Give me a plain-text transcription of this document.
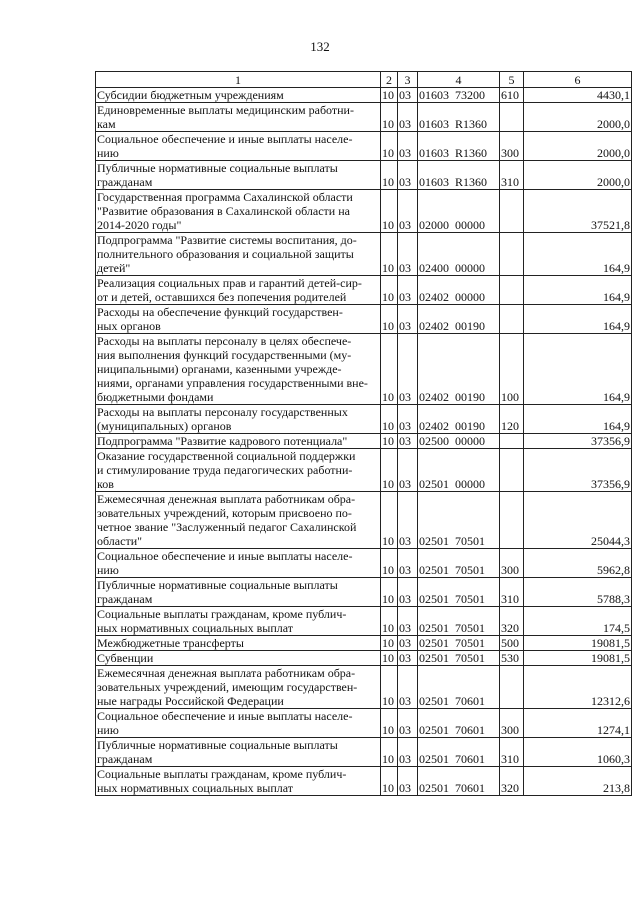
132
1	2	3	4	5	6
Субсидии бюджетным учреждениям	10	03	01603  73200	610	4430,1
Единовременные выплаты медицинским работни-
кам	10	03	01603  R1360		2000,0
Социальное обеспечение и иные выплаты населе-
нию	10	03	01603  R1360	300	2000,0
Публичные нормативные социальные выплаты
гражданам	10	03	01603  R1360	310	2000,0
Государственная программа Сахалинской области
"Развитие образования в Сахалинской области на
2014-2020 годы"	10	03	02000  00000		37521,8
Подпрограмма "Развитие системы воспитания, до-
полнительного образования и социальной защиты
детей"	10	03	02400  00000		164,9
Реализация социальных прав и гарантий детей-сир-
от и детей, оставшихся без попечения родителей	10	03	02402  00000		164,9
Расходы на обеспечение функций государствен-
ных органов	10	03	02402  00190		164,9
Расходы на выплаты персоналу в целях обеспече-
ния выполнения функций государственными (му-
ниципальными) органами, казенными учрежде-
ниями, органами управления государственными вне-
бюджетными фондами	10	03	02402  00190	100	164,9
Расходы на выплаты персоналу государственных
(муниципальных) органов	10	03	02402  00190	120	164,9
Подпрограмма "Развитие кадрового потенциала"	10	03	02500  00000		37356,9
Оказание государственной социальной поддержки
и стимулирование труда педагогических работни-
ков	10	03	02501  00000		37356,9
Ежемесячная денежная выплата работникам обра-
зовательных учреждений, которым присвоено по-
четное звание "Заслуженный педагог Сахалинской
области"	10	03	02501  70501		25044,3
Социальное обеспечение и иные выплаты населе-
нию	10	03	02501  70501	300	5962,8
Публичные нормативные социальные выплаты
гражданам	10	03	02501  70501	310	5788,3
Социальные выплаты гражданам, кроме публич-
ных нормативных социальных выплат	10	03	02501  70501	320	174,5
Межбюджетные трансферты	10	03	02501  70501	500	19081,5
Субвенции	10	03	02501  70501	530	19081,5
Ежемесячная денежная выплата работникам обра-
зовательных учреждений, имеющим государствен-
ные награды Российской Федерации	10	03	02501  70601		12312,6
Социальное обеспечение и иные выплаты населе-
нию	10	03	02501  70601	300	1274,1
Публичные нормативные социальные выплаты
гражданам	10	03	02501  70601	310	1060,3
Социальные выплаты гражданам, кроме публич-
ных нормативных социальных выплат	10	03	02501  70601	320	213,8
